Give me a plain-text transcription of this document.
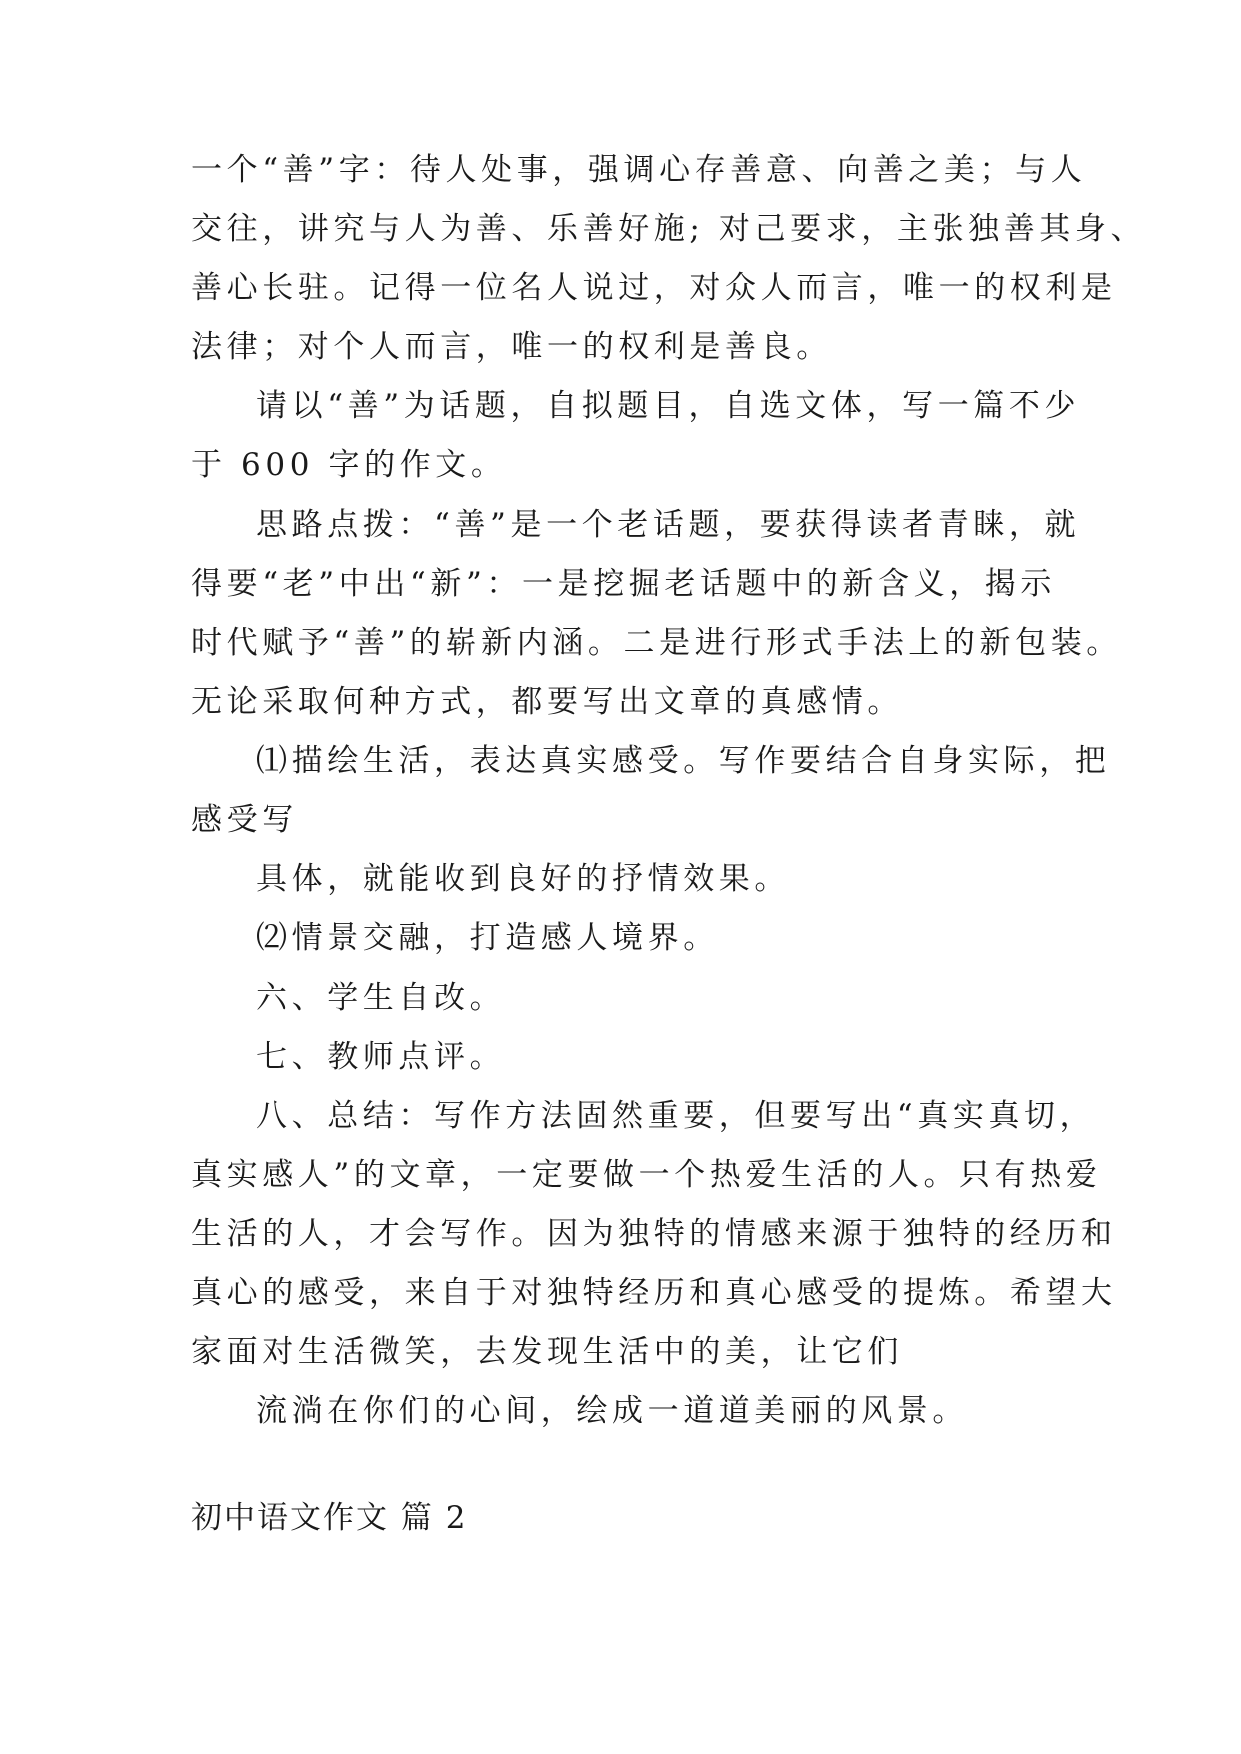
一个“善”字：待人处事，强调心存善意、向善之美；与人
交往，讲究与人为善、乐善好施; 对己要求，主张独善其身、
善心长驻。记得一位名人说过，对众人而言，唯一的权利是
法律；对个人而言，唯一的权利是善良。
请以“善”为话题，自拟题目，自选文体，写一篇不少
于 600 字的作文。
思路点拨：“善”是一个老话题，要获得读者青睐，就
得要“老”中出“新”：一是挖掘老话题中的新含义，揭示
时代赋予“善”的崭新内涵。二是进行形式手法上的新包装。
无论采取何种方式，都要写出文章的真感情。
⑴描绘生活，表达真实感受。写作要结合自身实际，把
感受写
具体，就能收到良好的抒情效果。
⑵情景交融，打造感人境界。
六、学生自改。
七、教师点评。
八、总结：写作方法固然重要，但要写出“真实真切，
真实感人”的文章，一定要做一个热爱生活的人。只有热爱
生活的人，才会写作。因为独特的情感来源于独特的经历和
真心的感受，来自于对独特经历和真心感受的提炼。希望大
家面对生活微笑，去发现生活中的美，让它们
流淌在你们的心间，绘成一道道美丽的风景。
初中语文作文 篇 2
